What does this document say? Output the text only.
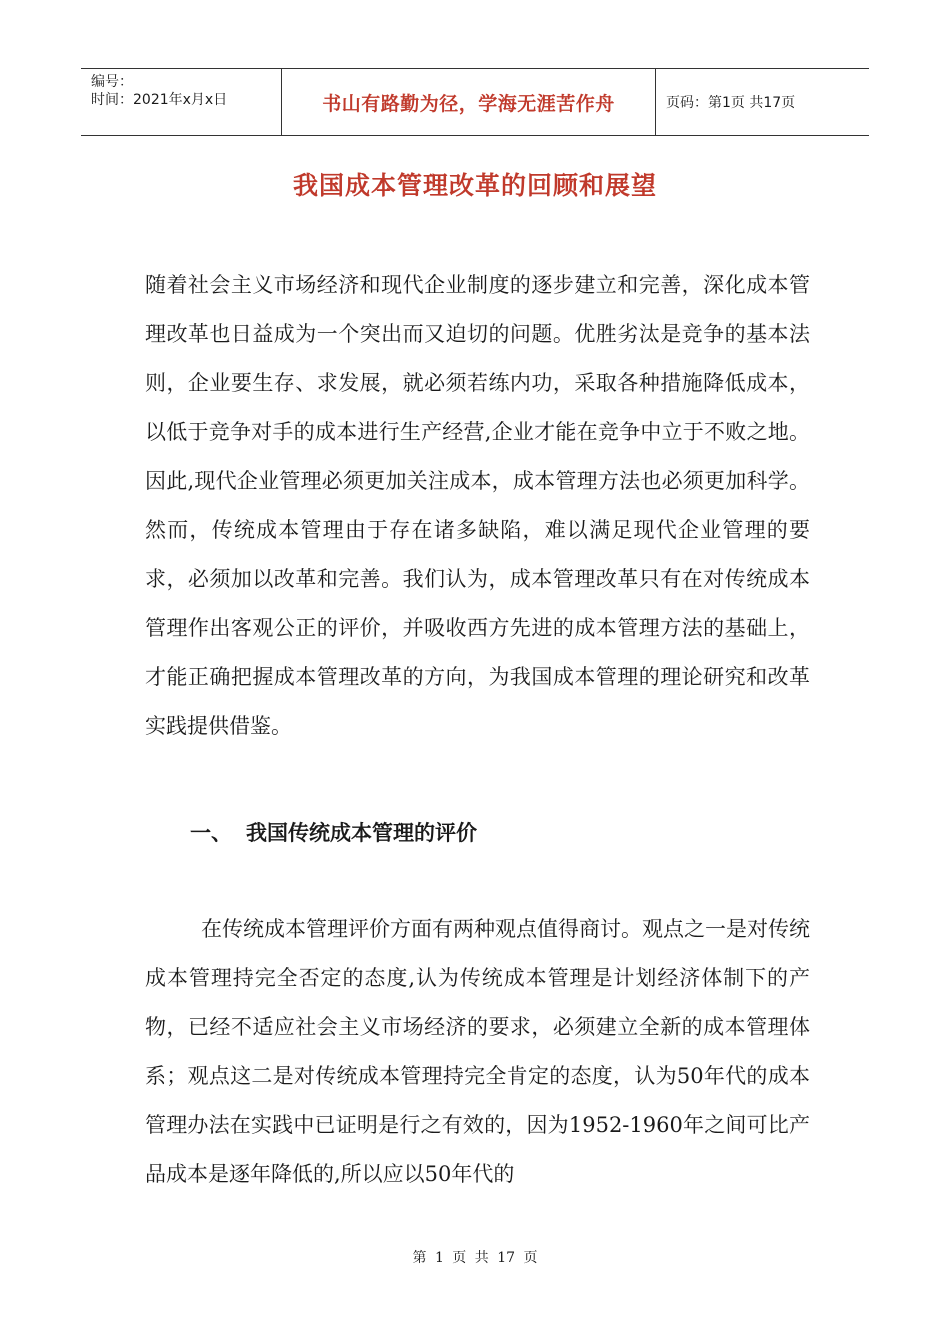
编号：
时间：2021年x月x日	书山有路勤为径，学海无涯苦作舟	页码：第1页 共17页
我国成本管理改革的回顾和展望

随着社会主义市场经济和现代企业制度的逐步建立和完善，深化成本管理改革也日益成为一个突出而又迫切的问题。优胜劣汰是竞争的基本法则，企业要生存、求发展，就必须若练内功，采取各种措施降低成本，以低于竞争对手的成本进行生产经营,企业才能在竞争中立于不败之地。因此,现代企业管理必须更加关注成本，成本管理方法也必须更加科学。然而，传统成本管理由于存在诸多缺陷，难以满足现代企业管理的要求，必须加以改革和完善。我们认为，成本管理改革只有在对传统成本管理作出客观公正的评价，并吸收西方先进的成本管理方法的基础上，才能正确把握成本管理改革的方向，为我国成本管理的理论研究和改革实践提供借鉴。

一、 我国传统成本管理的评价

在传统成本管理评价方面有两种观点值得商讨。观点之一是对传统成本管理持完全否定的态度,认为传统成本管理是计划经济体制下的产物，已经不适应社会主义市场经济的要求，必须建立全新的成本管理体系；观点这二是对传统成本管理持完全肯定的态度，认为50年代的成本管理办法在实践中已证明是行之有效的，因为1952-1960年之间可比产品成本是逐年降低的,所以应以50年代的

第 1 页 共 17 页
